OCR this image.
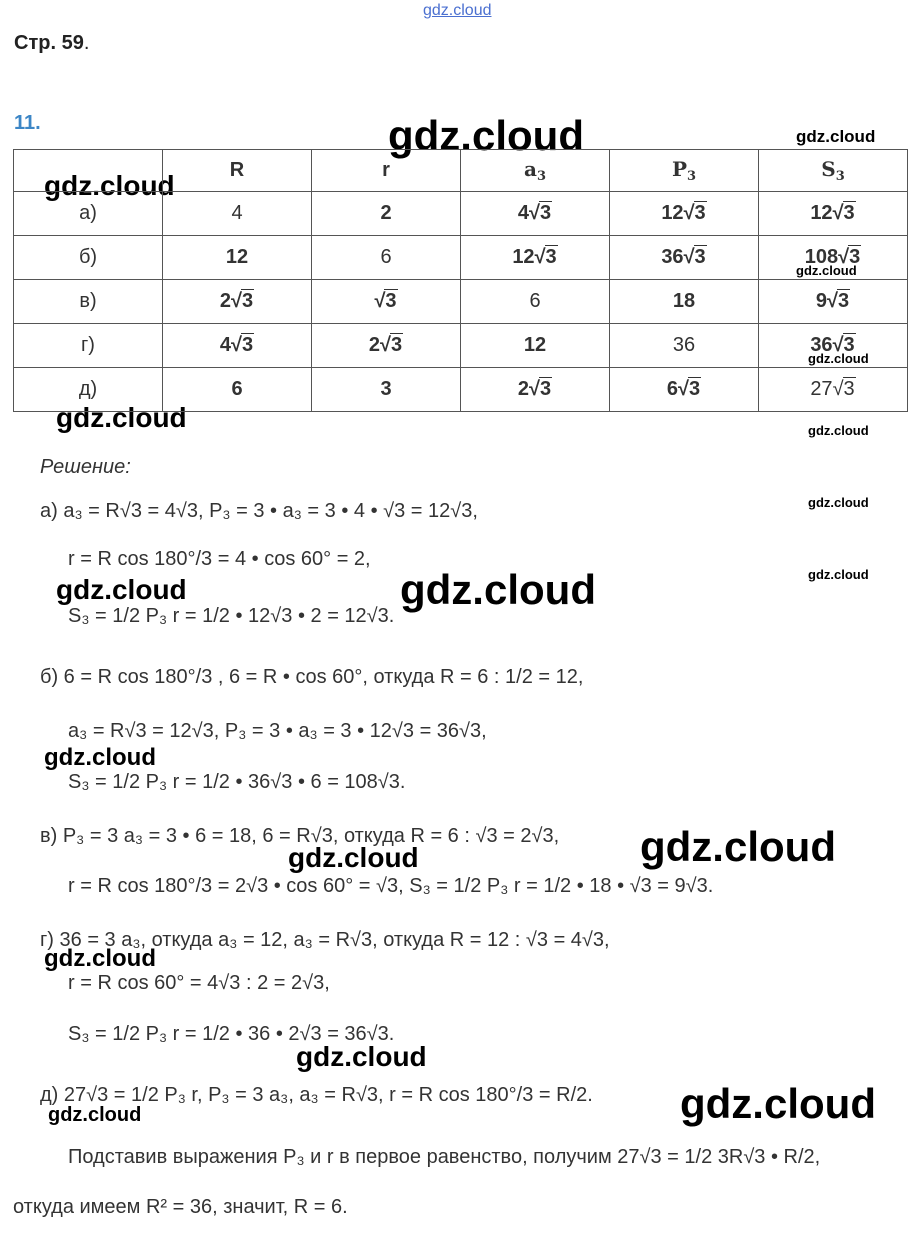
gdz.cloud
gdz.cloud	gdz.cloud
gdz.cloud
gdz.cloud
gdz.cloud
gdz.cloud	gdz.cloud
gdz.cloud
gdz.cloud
gdz.cloud	gdz.cloud
gdz.cloud
gdz.cloud
gdz.cloud
gdz.cloud
gdz.cloud
gdz.cloud
gdz.cloud
Стр. 59.
11.
	R	r	$a_3$	$P_3$	$S_3$
а)	4	2	4√3	12√3	12√3
б)	12	6	12√3	36√3	108√3
в)	2√3	√3	6	18	9√3
г)	4√3	2√3	12	36	36√3
д)	6	3	2√3	6√3	27√3
Решение:
а) a₃ = R√3 = 4√3, P₃ = 3 • a₃ = 3 • 4 • √3 = 12√3,
r = R cos 180°/3 = 4 • cos 60° = 2,
S₃ = 1/2 P₃ r = 1/2 • 12√3 • 2 = 12√3.
б) 6 = R cos 180°/3 , 6 = R • cos 60°, откуда R = 6 : 1/2 = 12,
a₃ = R√3 = 12√3, P₃ = 3 • a₃ = 3 • 12√3 = 36√3,
S₃ = 1/2 P₃ r = 1/2 • 36√3 • 6 = 108√3.
в) P₃ = 3 a₃ = 3 • 6 = 18, 6 = R√3, откуда R = 6 : √3 = 2√3,
r = R cos 180°/3 = 2√3 • cos 60° = √3, S₃ = 1/2 P₃ r = 1/2 • 18 • √3 = 9√3.
г) 36 = 3 a₃, откуда a₃ = 12, a₃ = R√3, откуда R = 12 : √3 = 4√3,
r = R cos 60° = 4√3 : 2 = 2√3,
S₃ = 1/2 P₃ r = 1/2 • 36 • 2√3 = 36√3.
д) 27√3 = 1/2 P₃ r, P₃ = 3 a₃, a₃ = R√3, r = R cos 180°/3 = R/2.
Подставив выражения P₃ и r в первое равенство, получим 27√3 = 1/2 3R√3 • R/2,
откуда имеем R² = 36, значит, R = 6.
